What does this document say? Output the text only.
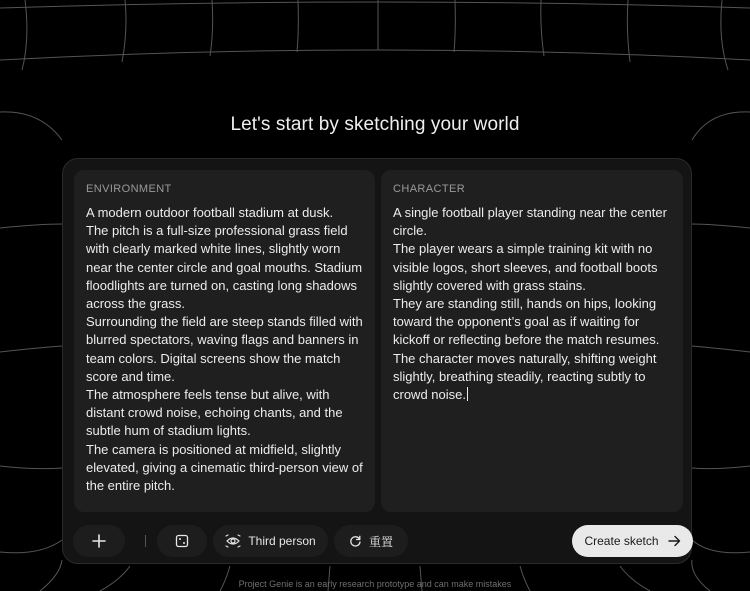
Let's start by sketching your world
ENVIRONMENT
A modern outdoor football stadium at dusk.
The pitch is a full-size professional grass field with clearly marked white lines, slightly worn near the center circle and goal mouths. Stadium floodlights are turned on, casting long shadows across the grass.
Surrounding the field are steep stands filled with blurred spectators, waving flags and banners in team colors. Digital screens show the match score and time.
The atmosphere feels tense but alive, with distant crowd noise, echoing chants, and the subtle hum of stadium lights.
The camera is positioned at midfield, slightly elevated, giving a cinematic third-person view of the entire pitch.
CHARACTER
A single football player standing near the center circle.
The player wears a simple training kit with no visible logos, short sleeves, and football boots slightly covered with grass stains.
They are standing still, hands on hips, looking toward the opponent’s goal as if waiting for kickoff or reflecting before the match resumes.
The character moves naturally, shifting weight slightly, breathing steadily, reacting subtly to crowd noise.
Third person	重置	Create sketch
Project Genie is an early research prototype and can make mistakes
